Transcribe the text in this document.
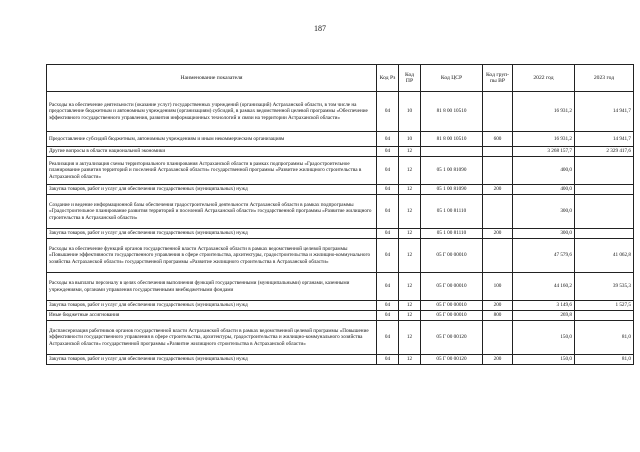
187
Наименование показателя	Код Рз	Код ПР	Код ЦСР	Код груп-пы ВР	2022 год	2023 год
Расходы на обеспечение деятельности (оказание услуг) государственных учреждений (организаций) Астраханской области, в том числе на предоставление бюджетным и автономным учреждениям (организациям) субсидий, в рамках ведомственной целевой программы «Обеспечение эффективного государственного управления, развития информационных технологий и связи на территории Астраханской области»	04	10	81 8 00 10510		16 931,2	14 941,7
Предоставление субсидий бюджетным, автономным учреждениям и иным некоммерческим организациям	04	10	81 8 00 10510	600	16 931,2	14 941,7
Другие вопросы в области национальной экономики	04	12			3 268 157,7	2 329 417,6
Реализация и актуализация схемы территориального планирования Астраханской области в рамках подпрограммы «Градостроительное планирование развития территорий и поселений Астраханской области» государственной программы «Развитие жилищного строительства в Астраханской области»	04	12	05 1 00 81090		400,0	
Закупка товаров, работ и услуг для обеспечения государственных (муниципальных) нужд	04	12	05 1 00 81090	200	400,0	
Создание и ведение информационной базы обеспечения градостроительной деятельности Астраханской области в рамках подпрограммы «Градостроительное планирование развития территорий и поселений Астраханской области» государственной программы «Развитие жилищного строительства в Астраханской области»	04	12	05 1 00 81110		300,0	
Закупка товаров, работ и услуг для обеспечения государственных (муниципальных) нужд	04	12	05 1 00 81110	200	300,0	
Расходы на обеспечение функций органов государственной власти Астраханской области в рамках ведомственной целевой программы «Повышение эффективности государственного управления в сфере строительства, архитектуры, градостроительства и жилищно-коммунального хозяйства Астраханской области» государственной программы «Развитие жилищного строительства в Астраханской области»	04	12	05 Г 00 00010		47 579,6	41 062,8
Расходы на выплаты персоналу в целях обеспечения выполнения функций государственными (муниципальными) органами, казенными учреждениями, органами управления государственными внебюджетными фондами	04	12	05 Г 00 00010	100	44 160,2	39 535,3
Закупка товаров, работ и услуг для обеспечения государственных (муниципальных) нужд	04	12	05 Г 00 00010	200	3 149,6	1 527,5
Иные бюджетные ассигнования	04	12	05 Г 00 00010	800	269,8	
Диспансеризация работников органов государственной власти Астраханской области в рамках ведомственной целевой программы «Повышение эффективности государственного управления в сфере строительства, архитектуры, градостроительства и жилищно-коммунального хозяйства Астраханской области» государственной программы «Развитие жилищного строительства в Астраханской области»	04	12	05 Г 00 00120		150,0	81,0
Закупка товаров, работ и услуг для обеспечения государственных (муниципальных) нужд	04	12	05 Г 00 00120	200	150,0	81,0
